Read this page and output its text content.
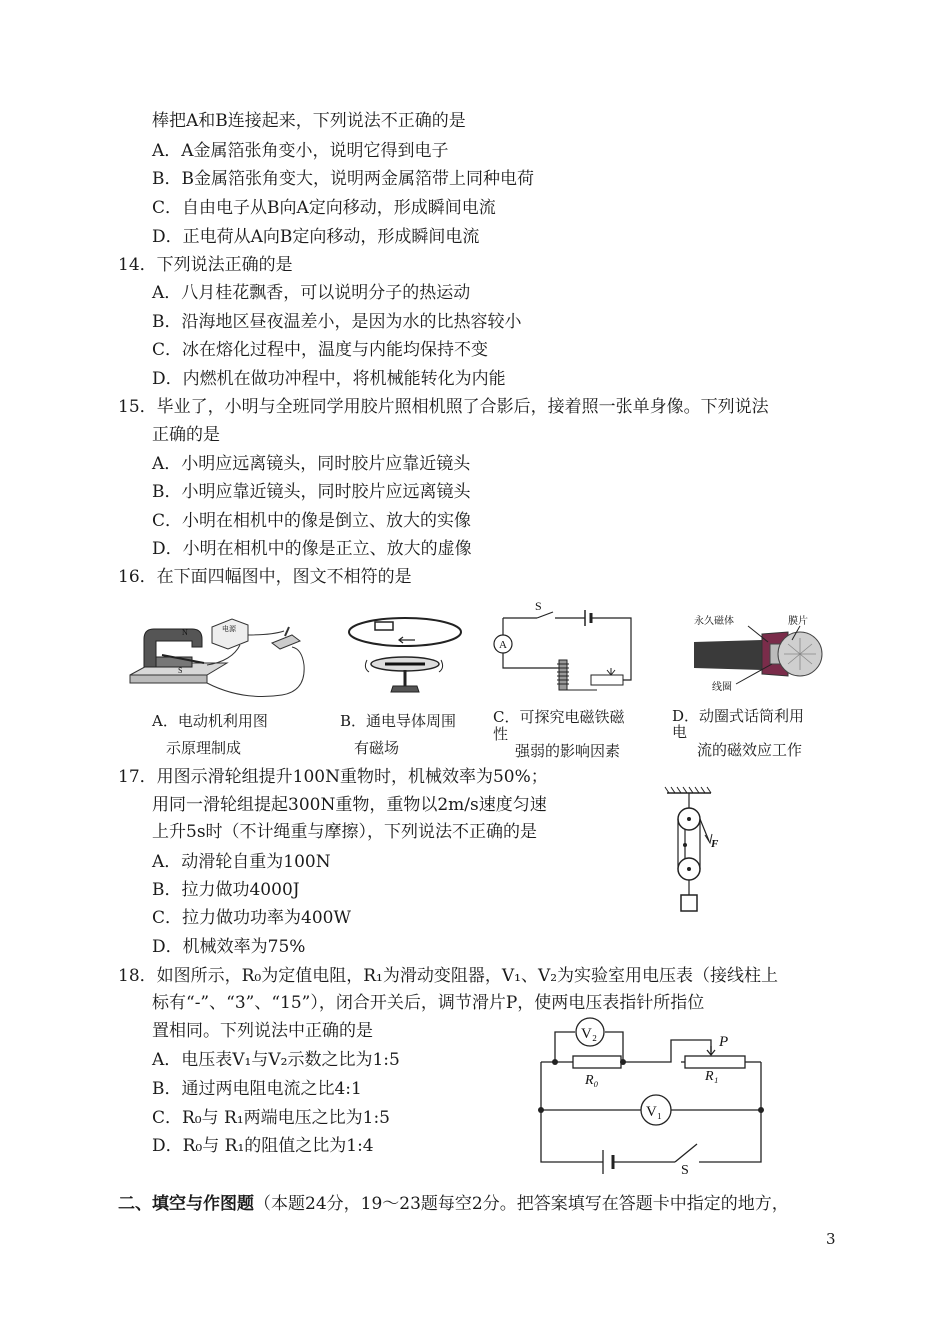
棒把A和B连接起来，下列说法不正确的是
A．A金属箔张角变小，说明它得到电子
B．B金属箔张角变大，说明两金属箔带上同种电荷
C．自由电子从B向A定向移动，形成瞬间电流
D．正电荷从A向B定向移动，形成瞬间电流
14．下列说法正确的是
A．八月桂花飘香，可以说明分子的热运动
B．沿海地区昼夜温差小，是因为水的比热容较小
C．冰在熔化过程中，温度与内能均保持不变
D．内燃机在做功冲程中，将机械能转化为内能
15．毕业了，小明与全班同学用胶片照相机照了合影后，接着照一张单身像。下列说法
正确的是
A．小明应远离镜头，同时胶片应靠近镜头
B．小明应靠近镜头，同时胶片应远离镜头
C．小明在相机中的像是倒立、放大的实像
D．小明在相机中的像是正立、放大的虚像
16．在下面四幅图中，图文不相符的是
N
S
电源
S
A
永久磁体	膜片
线圈
A．电动机利用图
示原理制成
B．通电导体周围
有磁场
C．可探究电磁铁磁
性
强弱的影响因素
D．动圈式话筒利用
电
流的磁效应工作
17．用图示滑轮组提升100N重物时，机械效率为50%；
用同一滑轮组提起300N重物，重物以2m/s速度匀速
上升5s时（不计绳重与摩擦），下列说法不正确的是
A．动滑轮自重为100N
B．拉力做功4000J
C．拉力做功功率为400W
D．机械效率为75%
F
18．如图所示，R₀为定值电阻，R₁为滑动变阻器，V₁、V₂为实验室用电压表（接线柱上
标有“-”、“3”、“15”），闭合开关后，调节滑片P，使两电压表指针所指位
置相同。下列说法中正确的是
A．电压表V₁与V₂示数之比为1:5
B．通过两电阻电流之比4:1
C．R₀与 R₁两端电压之比为1:5
D．R₀与 R₁的阻值之比为1:4
V₂
V₁
R₀	R₁
P
S
二、填空与作图题（本题24分，19～23题每空2分。把答案填写在答题卡中指定的地方，
3
